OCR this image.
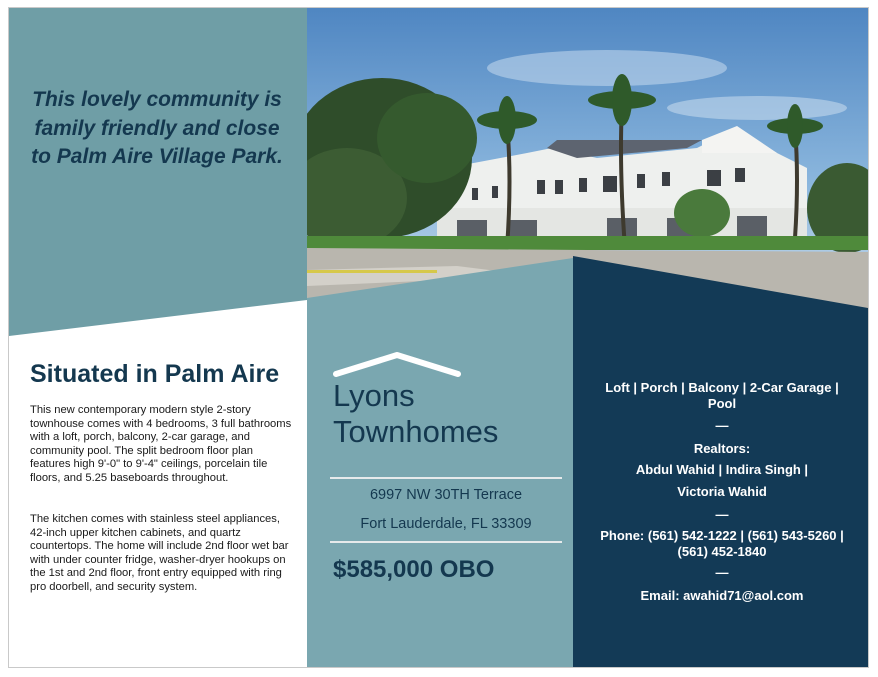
This lovely community is family friendly and close to Palm Aire Village Park.
Situated in Palm Aire

This new contemporary modern style 2-story townhouse comes with 4 bedrooms, 3 full bathrooms with a loft, porch, balcony, 2-car garage, and community pool. The split bedroom floor plan features high 9'-0" to 9'-4" ceilings, porcelain tile floors, and 5.25 baseboards throughout.

The kitchen comes with stainless steel appliances, 42-inch upper kitchen cabinets, and quartz countertops. The home will include 2nd floor wet bar with under counter fridge, washer-dryer hookups on the 1st and 2nd floor, front entry equipped with ring pro doorbell, and security system.

Lyons
Townhomes
6997 NW 30TH Terrace
Fort Lauderdale, FL 33309
$585,000 OBO
Loft | Porch | Balcony | 2-Car Garage | Pool
—
Realtors:
Abdul Wahid | Indira Singh |
Victoria Wahid
—
Phone: (561) 542-1222 | (561) 543-5260 | (561) 452-1840
—
Email: awahid71@aol.com
